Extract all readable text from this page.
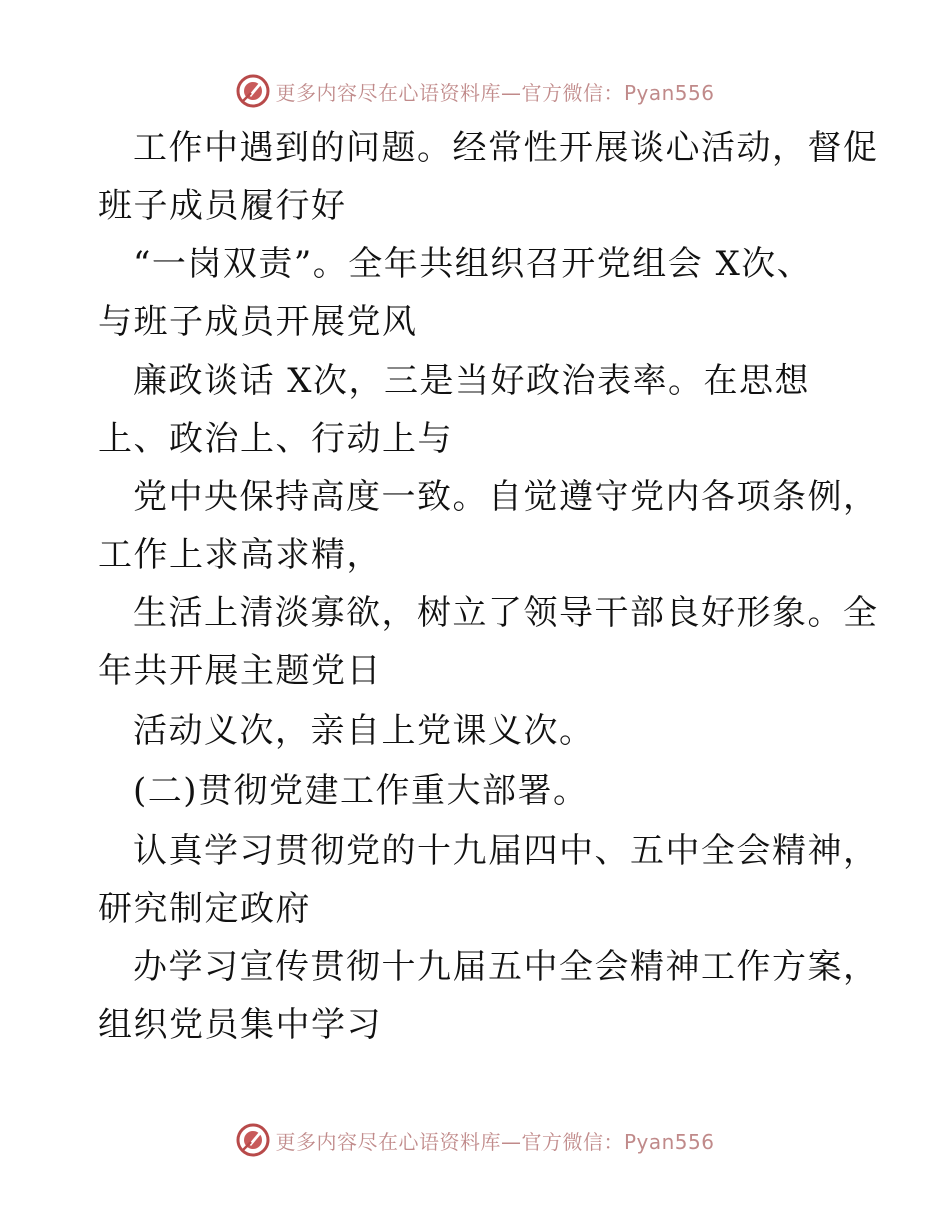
更多内容尽在心语资料库—官方微信：Pyan556
工作中遇到的问题。经常性开展谈心活动，督促
班子成员履行好
“一岗双责”。全年共组织召开党组会 X次、
与班子成员开展党风
廉政谈话 X次，三是当好政治表率。在思想
上、政治上、行动上与
党中央保持高度一致。自觉遵守党内各项条例，
工作上求高求精，
生活上清淡寡欲，树立了领导干部良好形象。全
年共开展主题党日
活动义次，亲自上党课义次。
(二)贯彻党建工作重大部署。
认真学习贯彻党的十九届四中、五中全会精神，
研究制定政府
办学习宣传贯彻十九届五中全会精神工作方案，
组织党员集中学习
更多内容尽在心语资料库—官方微信：Pyan556
